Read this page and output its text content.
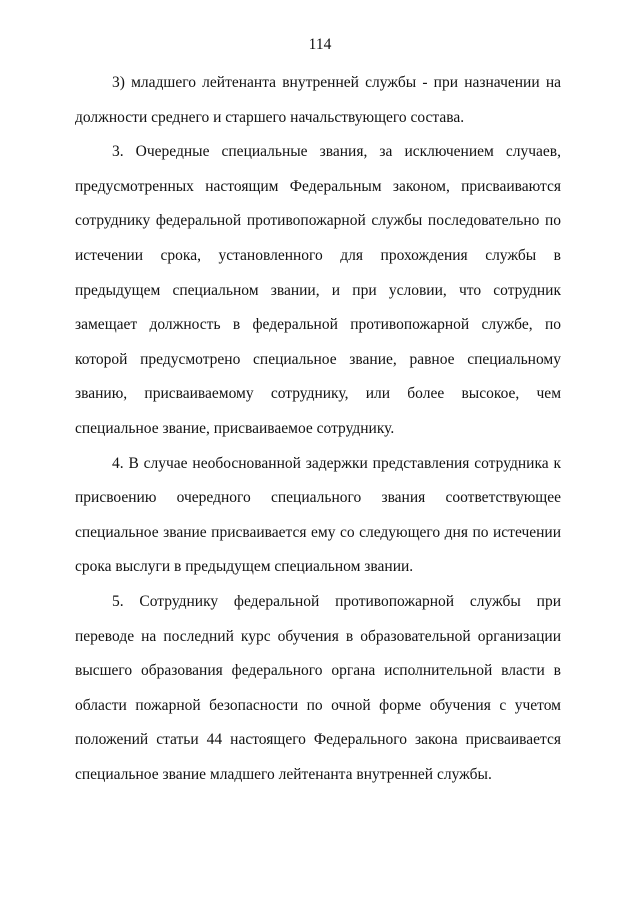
114

3) младшего лейтенанта внутренней службы - при назначении на должности среднего и старшего начальствующего состава.

3. Очередные специальные звания, за исключением случаев, предусмотренных настоящим Федеральным законом, присваиваются сотруднику федеральной противопожарной службы последовательно по истечении срока, установленного для прохождения службы в предыдущем специальном звании, и при условии, что сотрудник замещает должность в федеральной противопожарной службе, по которой предусмотрено специальное звание, равное специальному званию, присваиваемому сотруднику, или более высокое, чем специальное звание, присваиваемое сотруднику.

4. В случае необоснованной задержки представления сотрудника к присвоению очередного специального звания соответствующее специальное звание присваивается ему со следующего дня по истечении срока выслуги в предыдущем специальном звании.

5. Сотруднику федеральной противопожарной службы при переводе на последний курс обучения в образовательной организации высшего образования федерального органа исполнительной власти в области пожарной безопасности по очной форме обучения с учетом положений статьи 44 настоящего Федерального закона присваивается специальное звание младшего лейтенанта внутренней службы.
